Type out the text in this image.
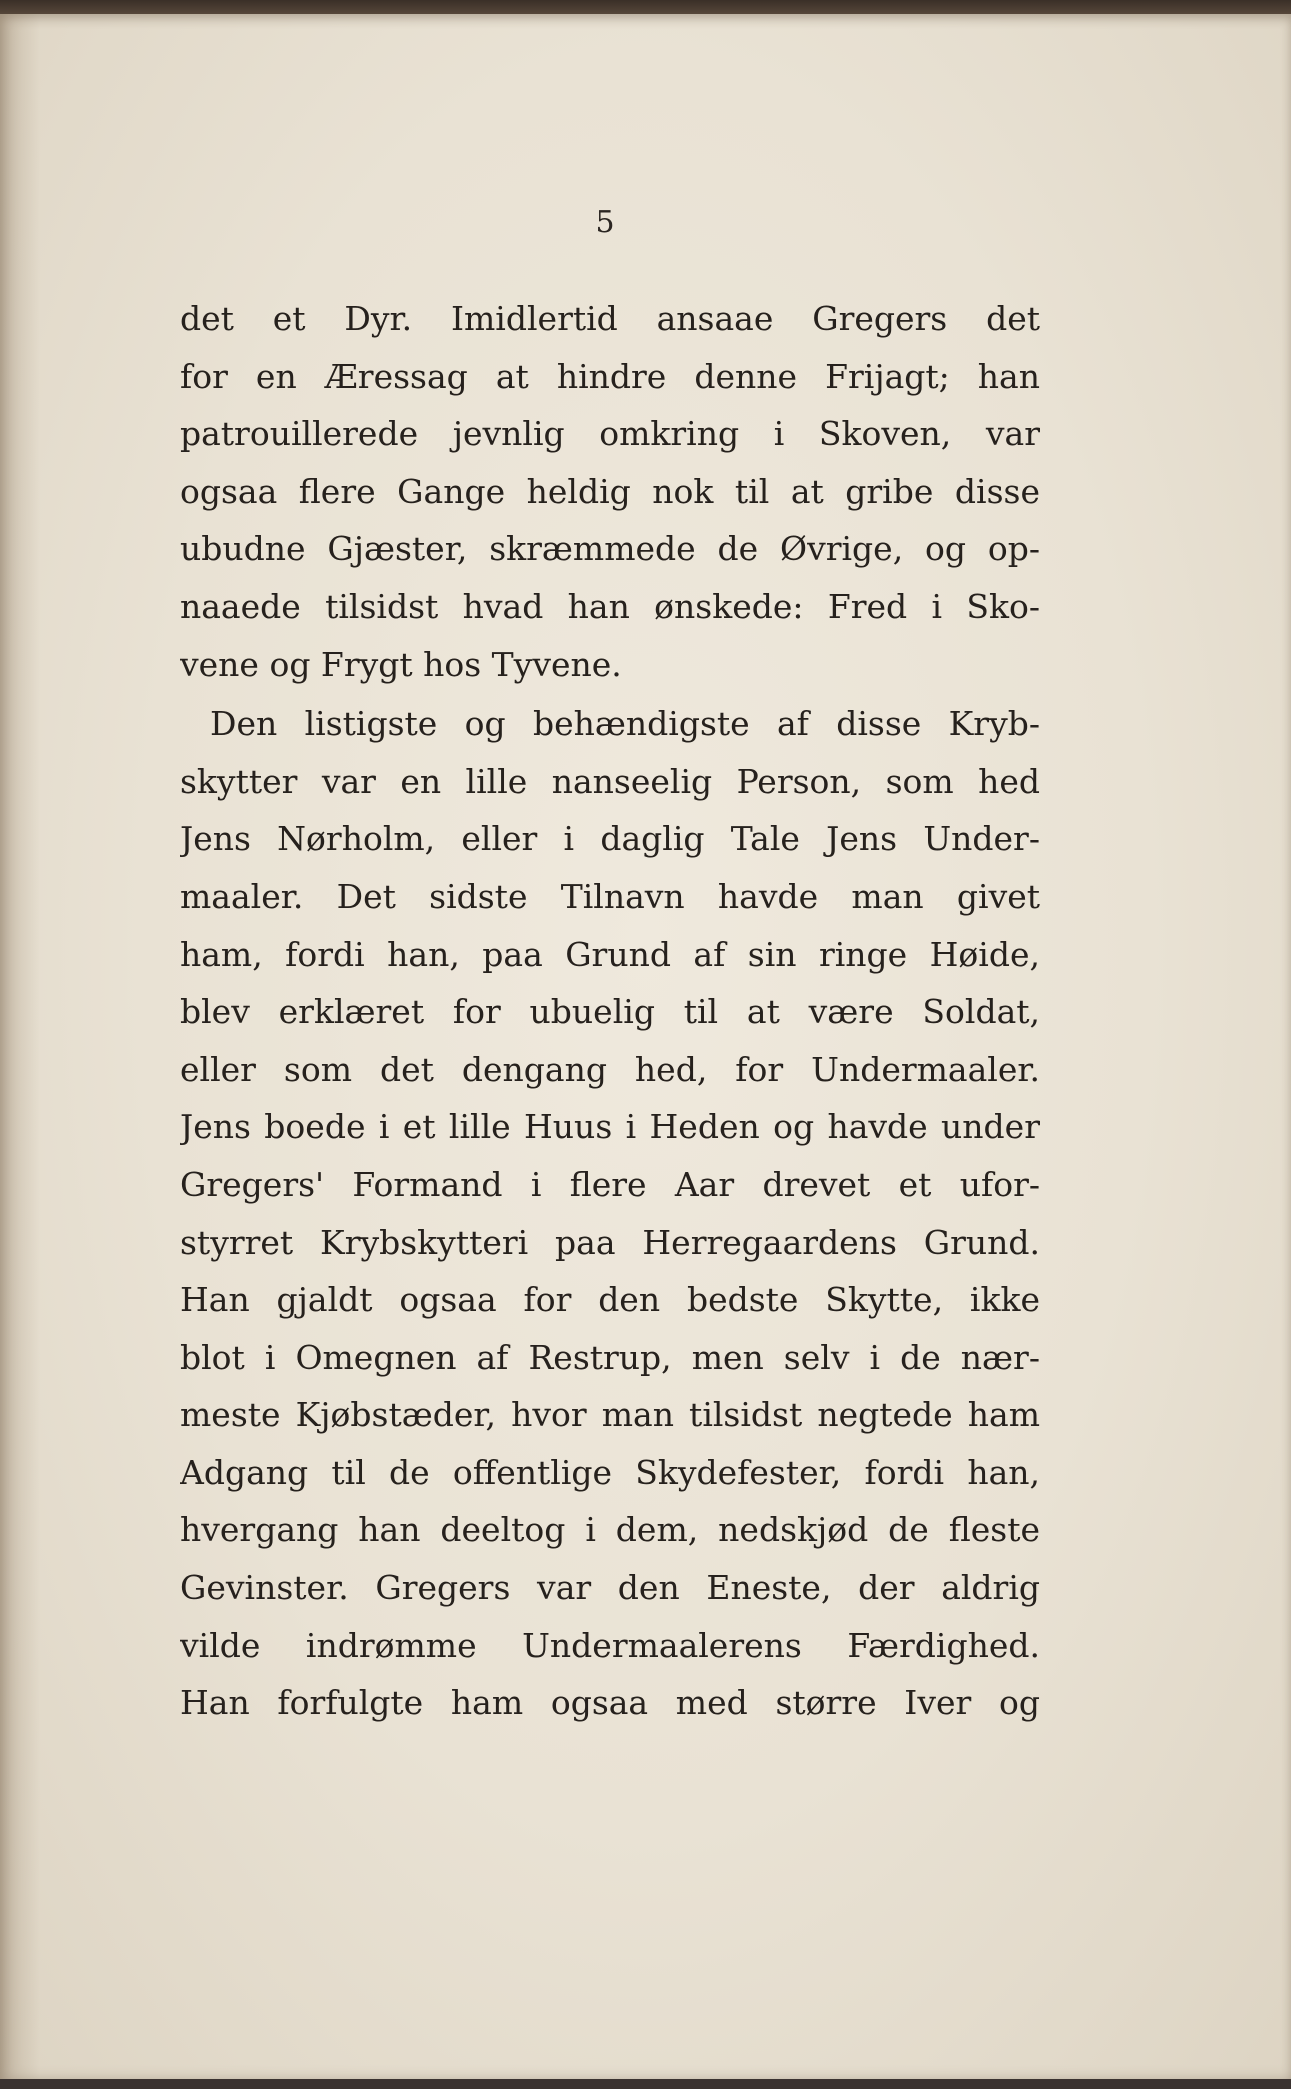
5
det et Dyr. Imidlertid ansaae Gregers det
for en Æressag at hindre denne Frijagt; han
patrouillerede jevnlig omkring i Skoven, var
ogsaa flere Gange heldig nok til at gribe disse
ubudne Gjæster, skræmmede de Øvrige, og op-
naaede tilsidst hvad han ønskede: Fred i Sko-
vene og Frygt hos Tyvene.
Den listigste og behændigste af disse Kryb-
skytter var en lille nanseelig Person, som hed
Jens Nørholm, eller i daglig Tale Jens Under-
maaler. Det sidste Tilnavn havde man givet
ham, fordi han, paa Grund af sin ringe Høide,
blev erklæret for ubuelig til at være Soldat,
eller som det dengang hed, for Undermaaler.
Jens boede i et lille Huus i Heden og havde under
Gregers' Formand i flere Aar drevet et ufor-
styrret Krybskytteri paa Herregaardens Grund.
Han gjaldt ogsaa for den bedste Skytte, ikke
blot i Omegnen af Restrup, men selv i de nær-
meste Kjøbstæder, hvor man tilsidst negtede ham
Adgang til de offentlige Skydefester, fordi han,
hvergang han deeltog i dem, nedskjød de fleste
Gevinster. Gregers var den Eneste, der aldrig
vilde indrømme Undermaalerens Færdighed.
Han forfulgte ham ogsaa med større Iver og
